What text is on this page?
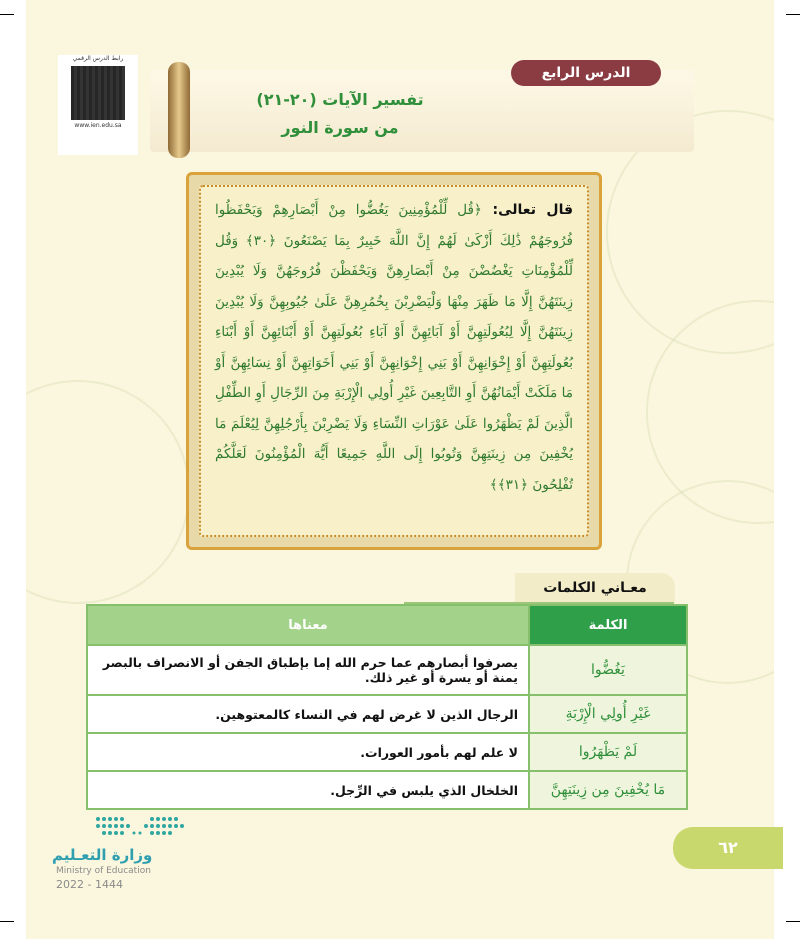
رابط الدرس الرقمي
www.ien.edu.sa
الدرس الرابع
تفسير الآيات (٢٠-٢١)
من سورة النور
قال تعالى: ﴿قُل لِّلْمُؤْمِنِينَ يَغُضُّوا مِنْ أَبْصَارِهِمْ وَيَحْفَظُوا فُرُوجَهُمْ ذَٰلِكَ أَزْكَىٰ لَهُمْ إِنَّ اللَّهَ خَبِيرٌ بِمَا يَصْنَعُونَ ﴿٣٠﴾ وَقُل لِّلْمُؤْمِنَاتِ يَغْضُضْنَ مِنْ أَبْصَارِهِنَّ وَيَحْفَظْنَ فُرُوجَهُنَّ وَلَا يُبْدِينَ زِينَتَهُنَّ إِلَّا مَا ظَهَرَ مِنْهَا وَلْيَضْرِبْنَ بِخُمُرِهِنَّ عَلَىٰ جُيُوبِهِنَّ وَلَا يُبْدِينَ زِينَتَهُنَّ إِلَّا لِبُعُولَتِهِنَّ أَوْ آبَائِهِنَّ أَوْ آبَاءِ بُعُولَتِهِنَّ أَوْ أَبْنَائِهِنَّ أَوْ أَبْنَاءِ بُعُولَتِهِنَّ أَوْ إِخْوَانِهِنَّ أَوْ بَنِي إِخْوَانِهِنَّ أَوْ بَنِي أَخَوَاتِهِنَّ أَوْ نِسَائِهِنَّ أَوْ مَا مَلَكَتْ أَيْمَانُهُنَّ أَوِ التَّابِعِينَ غَيْرِ أُولِي الْإِرْبَةِ مِنَ الرِّجَالِ أَوِ الطِّفْلِ الَّذِينَ لَمْ يَظْهَرُوا عَلَىٰ عَوْرَاتِ النِّسَاءِ وَلَا يَضْرِبْنَ بِأَرْجُلِهِنَّ لِيُعْلَمَ مَا يُخْفِينَ مِن زِينَتِهِنَّ وَتُوبُوا إِلَى اللَّهِ جَمِيعًا أَيُّهَ الْمُؤْمِنُونَ لَعَلَّكُمْ تُفْلِحُونَ ﴿٣١﴾﴾
معـاني الكلمات
الكلمة	معناها
يَغُضُّوا	يصرفوا أبصارهم عما حرم الله إما بإطباق الجفن أو الانصراف بالبصر يمنة أو يسرة أو غير ذلك.
غَيْرِ أُولِي الْإِرْبَةِ	الرجال الذين لا غرض لهم في النساء كالمعتوهين.
لَمْ يَظْهَرُوا	لا علم لهم بأمور العورات.
مَا يُخْفِينَ مِن زِينَتِهِنَّ	الخلخال الذي يلبس في الرِّجل.
٦٢
وزارة التعـليم
Ministry of Education
2022 - 1444
